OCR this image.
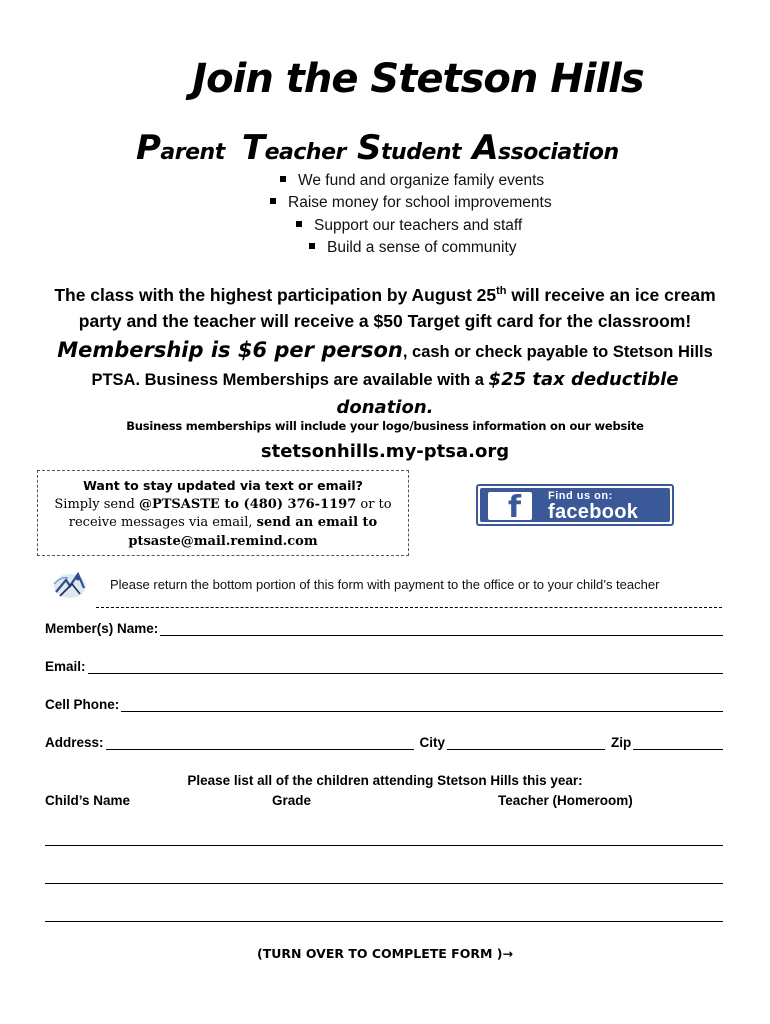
Join the Stetson Hills
Parent Teacher Student Association
We fund and organize family events
Raise money for school improvements
Support our teachers and staff
Build a sense of community
The class with the highest participation by August 25th will receive an ice cream
party and the teacher will receive a $50 Target gift card for the classroom!
Membership is $6 per person, cash or check payable to Stetson Hills
PTSA. Business Memberships are available with a $25 tax deductible
donation.
Business memberships will include your logo/business information on our website
stetsonhills.my-ptsa.org
Want to stay updated via text or email?
Simply send @PTSASTE to (480) 376-1197 or to
receive messages via email, send an email to
ptsaste@mail.remind.com
f Find us on:
facebook
Please return the bottom portion of this form with payment to the office or to your child’s teacher
Member(s) Name:
Email:
Cell Phone:
Address:	City	Zip
Please list all of the children attending Stetson Hills this year:
Child’s Name	Grade	Teacher (Homeroom)
(TURN OVER TO COMPLETE FORM )→
